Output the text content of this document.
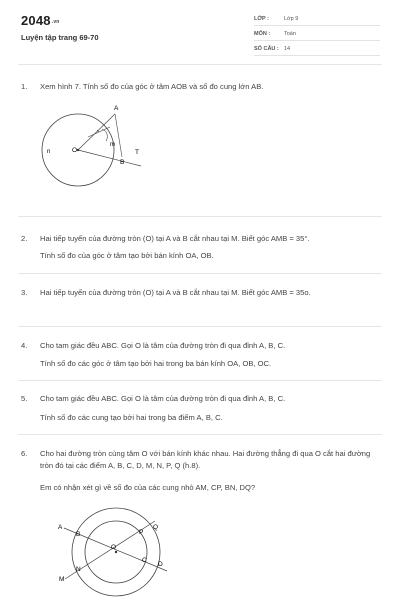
2048.vn
Luyện tập trang 69-70
LỚP :	Lớp 9
MÔN :	Toán
SỐ CÂU : 14
1. Xem hình 7. Tính số đo của góc ở tâm AOB và số đo cung lớn AB.
A
B
T
O
m
n
2. Hai tiếp tuyến của đường tròn (O) tại A và B cắt nhau tại M. Biết góc AMB = 35°.
Tính số đo của góc ở tâm tạo bởi bán kính OA, OB.
3. Hai tiếp tuyến của đường tròn (O) tại A và B cắt nhau tại M. Biết góc AMB = 35o.
4. Cho tam giác đều ABC. Gọi O là tâm của đường tròn đi qua đỉnh A, B, C.
Tính số đo các góc ở tâm tạo bởi hai trong ba bán kính OA, OB, OC.
5. Cho tam giác đều ABC. Gọi O là tâm của đường tròn đi qua đỉnh A, B, C.
Tính số đo các cung tạo bởi hai trong ba điểm A, B, C.
6. Cho hai đường tròn cùng tâm O với bán kính khác nhau. Hai đường thẳng đi qua O cắt hai đường tròn đó tại các điểm A, B, C, D, M, N, P, Q (h.8).
Em có nhận xét gì về số đo của các cung nhỏ AM, CP, BN, DQ?
A
B
C
D
M
N
P
Q
O
